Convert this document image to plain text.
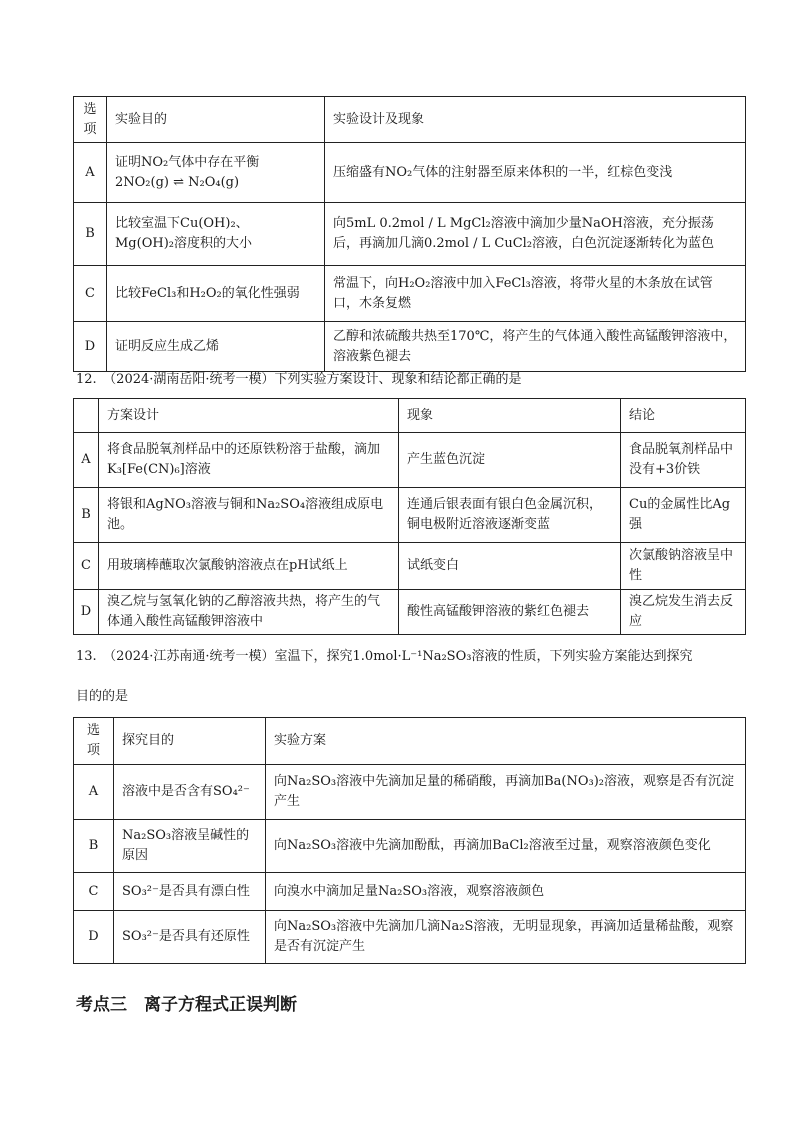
选
项	实验目的	实验设计及现象
A	证明NO₂气体中存在平衡
2NO₂(g) ⇌ N₂O₄(g)	压缩盛有NO₂气体的注射器至原来体积的一半，红棕色变浅
B	比较室温下Cu(OH)₂、
Mg(OH)₂溶度积的大小	向5mL 0.2mol / L MgCl₂溶液中滴加少量NaOH溶液，充分振荡后，再滴加几滴0.2mol / L CuCl₂溶液，白色沉淀逐渐转化为蓝色
C	比较FeCl₃和H₂O₂的氧化性强弱	常温下，向H₂O₂溶液中加入FeCl₃溶液，将带火星的木条放在试管口，木条复燃
D	证明反应生成乙烯	乙醇和浓硫酸共热至170℃，将产生的气体通入酸性高锰酸钾溶液中，溶液紫色褪去
12.　（2024·湖南岳阳·统考一模）下列实验方案设计、现象和结论都正确的是
	方案设计	现象	结论
A	将食品脱氧剂样品中的还原铁粉溶于盐酸，滴加K₃[Fe(CN)₆]溶液	产生蓝色沉淀	食品脱氧剂样品中没有+3价铁
B	将银和AgNO₃溶液与铜和Na₂SO₄溶液组成原电池。	连通后银表面有银白色金属沉积，铜电极附近溶液逐渐变蓝	Cu的金属性比Ag强
C	用玻璃棒蘸取次氯酸钠溶液点在pH试纸上	试纸变白	次氯酸钠溶液呈中性
D	溴乙烷与氢氧化钠的乙醇溶液共热，将产生的气体通入酸性高锰酸钾溶液中	酸性高锰酸钾溶液的紫红色褪去	溴乙烷发生消去反应
13.　（2024·江苏南通·统考一模）室温下，探究1.0mol·L⁻¹Na₂SO₃溶液的性质，下列实验方案能达到探究
目的的是
选
项	探究目的	实验方案
A	溶液中是否含有SO₄²⁻	向Na₂SO₃溶液中先滴加足量的稀硝酸，再滴加Ba(NO₃)₂溶液，观察是否有沉淀产生
B	Na₂SO₃溶液呈碱性的原因	向Na₂SO₃溶液中先滴加酚酞，再滴加BaCl₂溶液至过量，观察溶液颜色变化
C	SO₃²⁻是否具有漂白性	向溴水中滴加足量Na₂SO₃溶液，观察溶液颜色
D	SO₃²⁻是否具有还原性	向Na₂SO₃溶液中先滴加几滴Na₂S溶液，无明显现象，再滴加适量稀盐酸，观察是否有沉淀产生
考点三　离子方程式正误判断
